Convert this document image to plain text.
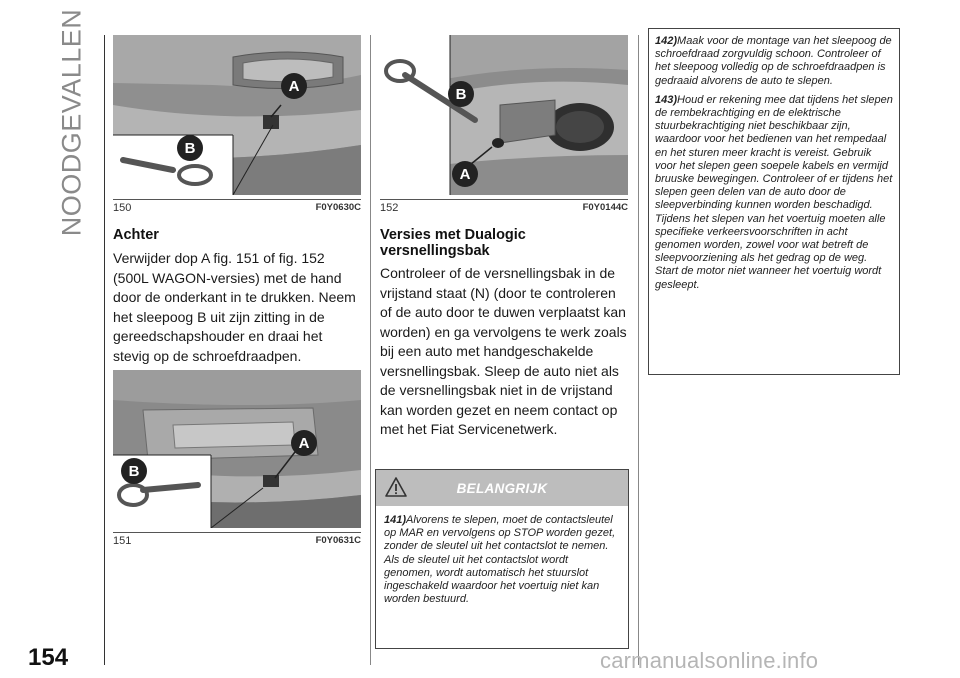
NOODGEVALLEN	A
B
150	F0Y0630C
Achter
Verwijder dop A fig. 151 of fig. 152 (500L WAGON-versies) met de hand door de onderkant in te drukken. Neem het sleepoog B uit zijn zitting in de gereedschapshouder en draai het stevig op de schroefdraadpen.
A
B
151	F0Y0631C
B
A
152	F0Y0144C
Versies met Dualogic
versnellingsbak
Controleer of de versnellingsbak in de vrijstand staat (N) (door te controleren of de auto door te duwen verplaatst kan worden) en ga vervolgens te werk zoals bij een auto met handgeschakelde versnellingsbak. Sleep de auto niet als de versnellingsbak niet in de vrijstand kan worden gezet en neem contact op met het Fiat Servicenetwerk.
BELANGRIJK
141)Alvorens te slepen, moet de contactsleutel op MAR en vervolgens op STOP worden gezet, zonder de sleutel uit het contactslot te nemen. Als de sleutel uit het contactslot wordt genomen, wordt automatisch het stuurslot ingeschakeld waardoor het voertuig niet kan worden bestuurd.
142)Maak voor de montage van het sleepoog de schroefdraad zorgvuldig schoon. Controleer of het sleepoog volledig op de schroefdraadpen is gedraaid alvorens de auto te slepen.
143)Houd er rekening mee dat tijdens het slepen de rembekrachtiging en de elektrische stuurbekrachtiging niet beschikbaar zijn, waardoor voor het bedienen van het rempedaal en het sturen meer kracht is vereist. Gebruik voor het slepen geen soepele kabels en vermijd bruuske bewegingen. Controleer of er tijdens het slepen geen delen van de auto door de sleepverbinding kunnen worden beschadigd. Tijdens het slepen van het voertuig moeten alle specifieke verkeersvoorschriften in acht genomen worden, zowel voor wat betreft de sleepvoorziening als het gedrag op de weg. Start de motor niet wanneer het voertuig wordt gesleept.
154	carmanualsonline.info
